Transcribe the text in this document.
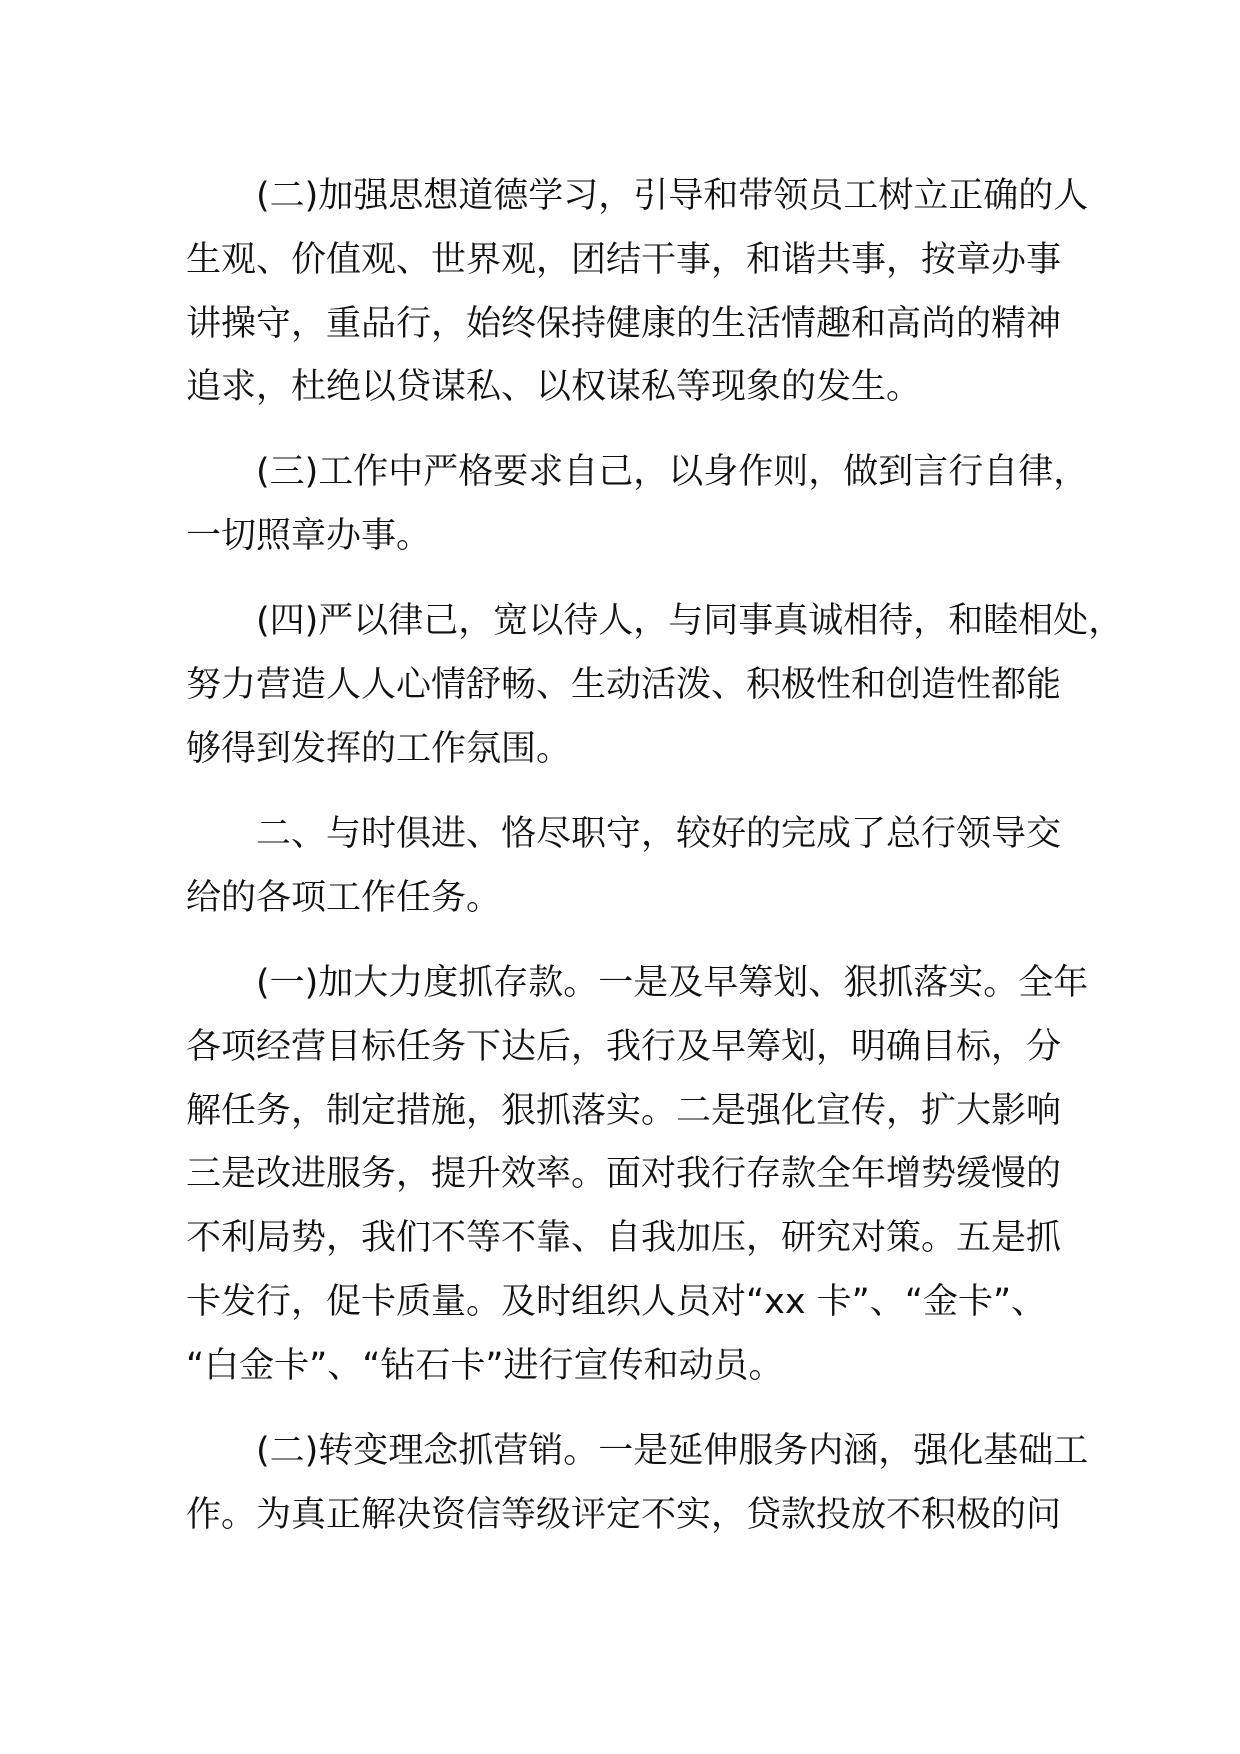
(二)加强思想道德学习，引导和带领员工树立正确的人

生观、价值观、世界观，团结干事，和谐共事，按章办事

讲操守，重品行，始终保持健康的生活情趣和高尚的精神

追求，杜绝以贷谋私、以权谋私等现象的发生。

(三)工作中严格要求自己，以身作则，做到言行自律，

一切照章办事。

(四)严以律己，宽以待人，与同事真诚相待，和睦相处，

努力营造人人心情舒畅、生动活泼、积极性和创造性都能

够得到发挥的工作氛围。

二、与时俱进、恪尽职守，较好的完成了总行领导交

给的各项工作任务。

(一)加大力度抓存款。一是及早筹划、狠抓落实。全年

各项经营目标任务下达后，我行及早筹划，明确目标，分

解任务，制定措施，狠抓落实。二是强化宣传，扩大影响

三是改进服务，提升效率。面对我行存款全年增势缓慢的

不利局势，我们不等不靠、自我加压，研究对策。五是抓

卡发行，促卡质量。及时组织人员对“xx 卡”、“金卡”、

“白金卡”、“钻石卡”进行宣传和动员。

(二)转变理念抓营销。一是延伸服务内涵，强化基础工

作。为真正解决资信等级评定不实，贷款投放不积极的问
